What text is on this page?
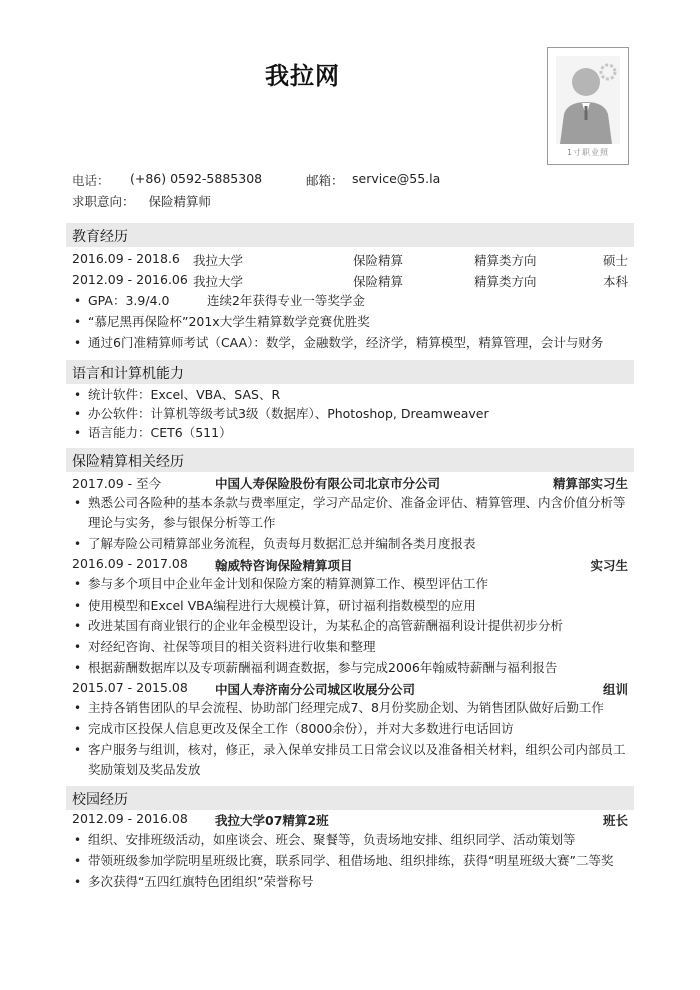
我拉网
1寸职业照
电话： (+86) 0592-5885308	邮箱： service@55.la
求职意向： 保险精算师
教育经历
2016.09 - 2018.6 我拉大学	保险精算	精算类方向	硕士
2012.09 - 2016.06 我拉大学	保险精算	精算类方向	本科
• GPA：3.9/4.0　　　连续2年获得专业一等奖学金
• “慕尼黑再保险杯”201x大学生精算数学竞赛优胜奖
• 通过6门准精算师考试（CAA）：数学，金融数学，经济学，精算模型，精算管理，会计与财务
语言和计算机能力
• 统计软件：Excel、VBA、SAS、R
• 办公软件：计算机等级考试3级（数据库）、Photoshop, Dreamweaver
• 语言能力：CET6（511）
保险精算相关经历
2017.09 - 至今	中国人寿保险股份有限公司北京市分公司	精算部实习生
• 熟悉公司各险种的基本条款与费率厘定，学习产品定价、准备金评估、精算管理、内含价值分析等理论与实务，参与银保分析等工作
• 了解寿险公司精算部业务流程，负责每月数据汇总并编制各类月度报表
2016.09 - 2017.08 翰威特咨询保险精算项目	实习生
• 参与多个项目中企业年金计划和保险方案的精算测算工作、模型评估工作
• 使用模型和Excel VBA编程进行大规模计算，研讨福利指数模型的应用
• 改进某国有商业银行的企业年金模型设计，为某私企的高管薪酬福利设计提供初步分析
• 对经纪咨询、社保等项目的相关资料进行收集和整理
• 根据薪酬数据库以及专项薪酬福利调查数据，参与完成2006年翰威特薪酬与福利报告
2015.07 - 2015.08 中国人寿济南分公司城区收展分公司	组训
• 主持各销售团队的早会流程、协助部门经理完成7、8月份奖励企划、为销售团队做好后勤工作
• 完成市区投保人信息更改及保全工作（8000余份），并对大多数进行电话回访
• 客户服务与组训，核对，修正，录入保单安排员工日常会议以及准备相关材料，组织公司内部员工奖励策划及奖品发放
校园经历
2012.09 - 2016.08 我拉大学07精算2班	班长
• 组织、安排班级活动，如座谈会、班会、聚餐等，负责场地安排、组织同学、活动策划等
• 带领班级参加学院明星班级比赛，联系同学、租借场地、组织排练，获得“明星班级大赛”二等奖
• 多次获得“五四红旗特色团组织”荣誉称号
